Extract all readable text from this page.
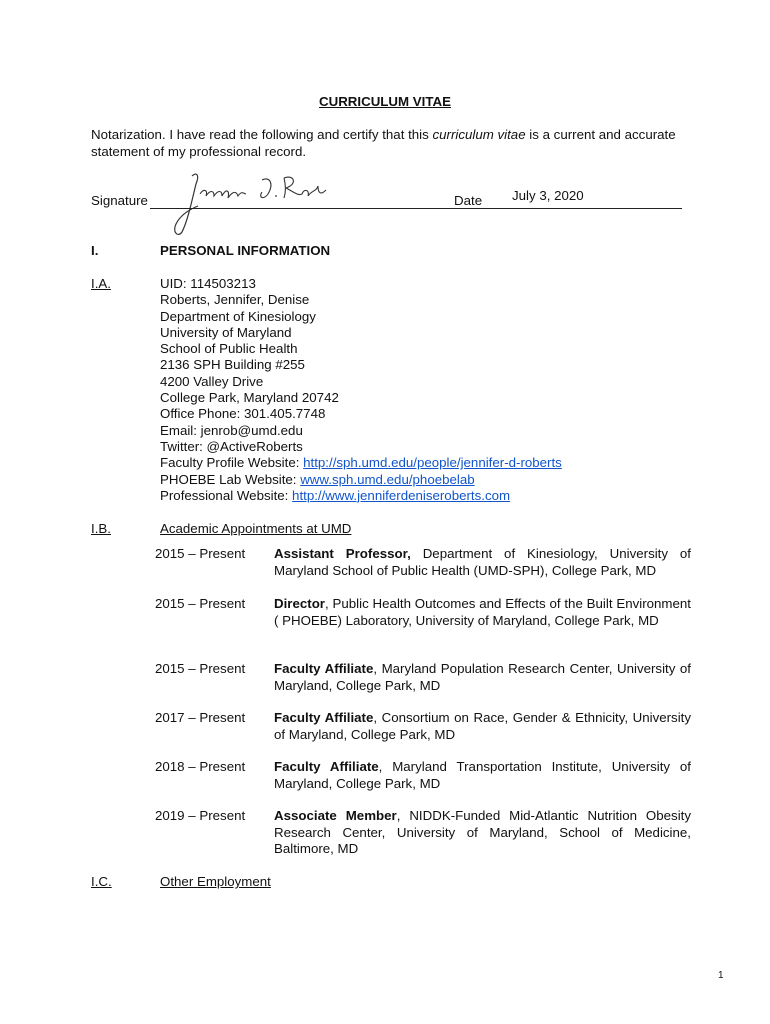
CURRICULUM VITAE
Notarization. I have read the following and certify that this curriculum vitae is a current and accurate statement of my professional record.
Signature	Date July 3, 2020
I.	PERSONAL INFORMATION
I.A.	UID: 114503213
Roberts, Jennifer, Denise
Department of Kinesiology
University of Maryland
School of Public Health
2136 SPH Building #255
4200 Valley Drive
College Park, Maryland 20742
Office Phone: 301.405.7748
Email: jenrob@umd.edu
Twitter: @ActiveRoberts
Faculty Profile Website: http://sph.umd.edu/people/jennifer-d-roberts
PHOEBE Lab Website: www.sph.umd.edu/phoebelab
Professional Website: http://www.jenniferdeniseroberts.com
I.B.	Academic Appointments at UMD
2015 – Present Assistant Professor, Department of Kinesiology, University of Maryland School of Public Health (UMD-SPH), College Park, MD
2015 – Present Director, Public Health Outcomes and Effects of the Built Environment ( PHOEBE) Laboratory, University of Maryland, College Park, MD
2015 – Present Faculty Affiliate, Maryland Population Research Center, University of Maryland, College Park, MD
2017 – Present Faculty Affiliate, Consortium on Race, Gender & Ethnicity, University of Maryland, College Park, MD
2018 – Present Faculty Affiliate, Maryland Transportation Institute, University of Maryland, College Park, MD
2019 – Present Associate Member, NIDDK-Funded Mid-Atlantic Nutrition Obesity Research Center, University of Maryland, School of Medicine, Baltimore, MD
I.C.	Other Employment
1
